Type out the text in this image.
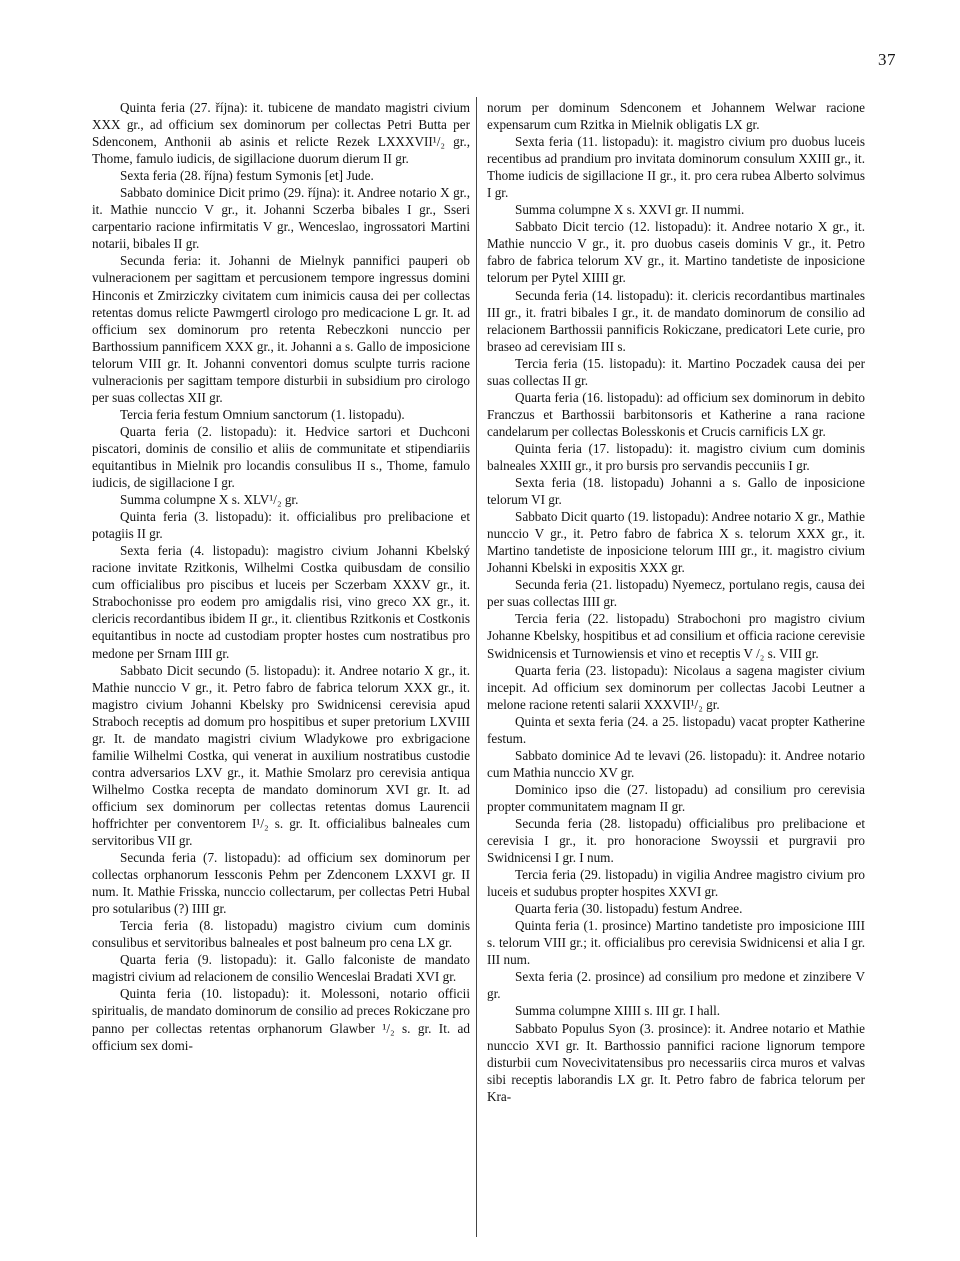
37

Quinta feria (27. října): it. tubicene de mandato magistri civium XXX gr., ad officium sex dominorum per collectas Petri Butta per Sdenconem, Anthonii ab asinis et relicte Rezek LXXXVII¹/₂ gr., Thome, famulo iudicis, de sigillacione duorum dierum II gr.

Sexta feria (28. října) festum Symonis [et] Jude.

Sabbato dominice Dicit primo (29. října): it. Andree notario X gr., it. Mathie nunccio V gr., it. Johanni Sczerba bibales I gr., Sseri carpentario racione infirmitatis V gr., Wenceslao, ingrossatori Martini notarii, bibales II gr.

Secunda feria: it. Johanni de Mielnyk pannifici pauperi ob vulneracionem per sagittam et percusionem tempore ingressus domini Hinconis et Zmirziczky civitatem cum inimicis causa dei per collectas retentas domus relicte Pawmgertl cirologo pro medicacione L gr. It. ad officium sex dominorum pro retenta Rebeczkoni nunccio per Barthossium pannificem XXX gr., it. Johanni a s. Gallo de imposicione telorum VIII gr. It. Johanni conventori domus sculpte turris racione vulneracionis per sagittam tempore disturbii in subsidium pro cirologo per suas collectas XII gr.

Tercia feria festum Omnium sanctorum (1. listopadu).

Quarta feria (2. listopadu): it. Hedvice sartori et Duchconi piscatori, dominis de consilio et aliis de communitate et stipendiariis equitantibus in Mielnik pro locandis consulibus II s., Thome, famulo iudicis, de sigillacione I gr.

Summa columpne X s. XLV¹/₂ gr.

Quinta feria (3. listopadu): it. officialibus pro prelibacione et potagiis II gr.

Sexta feria (4. listopadu): magistro civium Johanni Kbelský racione invitate Rzitkonis, Wilhelmi Costka quibusdam de consilio cum officialibus pro piscibus et luceis per Sczerbam XXXV gr., it. Strabochonisse pro eodem pro amigdalis risi, vino greco XX gr., it. clericis recordantibus ibidem II gr., it. clientibus Rzitkonis et Costkonis equitantibus in nocte ad custodiam propter hostes cum nostratibus pro medone per Srnam IIII gr.

Sabbato Dicit secundo (5. listopadu): it. Andree notario X gr., it. Mathie nunccio V gr., it. Petro fabro de fabrica telorum XXX gr., it. magistro civium Johanni Kbelsky pro Swidnicensi cerevisia apud Straboch receptis ad domum pro hospitibus et super pretorium LXVIII gr. It. de mandato magistri civium Wladykowe pro exbrigacione familie Wilhelmi Costka, qui venerat in auxilium nostratibus custodie contra adversarios LXV gr., it. Mathie Smolarz pro cerevisia antiqua Wilhelmo Costka recepta de mandato dominorum XVI gr. It. ad officium sex dominorum per collectas retentas domus Laurencii hoffrichter per conventorem I¹/₂ s. gr. It. officialibus balneales cum servitoribus VII gr.

Secunda feria (7. listopadu): ad officium sex dominorum per collectas orphanorum Iessconis Pehm per Zdenconem LXXVI gr. II num. It. Mathie Frisska, nunccio collectarum, per collectas Petri Hubal pro sotularibus (?) IIII gr.

Tercia feria (8. listopadu) magistro civium cum dominis consulibus et servitoribus balneales et post balneum pro cena LX gr.

Quarta feria (9. listopadu): it. Gallo falconiste de mandato magistri civium ad relacionem de consilio Wenceslai Bradati XVI gr.

Quinta feria (10. listopadu): it. Molessoni, notario officii spiritualis, de mandato dominorum de consilio ad preces Rokiczane pro panno per collectas retentas orphanorum Glawber ¹/₂ s. gr. It. ad officium sex domi-

norum per dominum Sdenconem et Johannem Welwar racione expensarum cum Rzitka in Mielnik obligatis LX gr.

Sexta feria (11. listopadu): it. magistro civium pro duobus luceis recentibus ad prandium pro invitata dominorum consulum XXIII gr., it. Thome iudicis de sigillacione II gr., it. pro cera rubea Alberto solvimus I gr.

Summa columpne X s. XXVI gr. II nummi.

Sabbato Dicit tercio (12. listopadu): it. Andree notario X gr., it. Mathie nunccio V gr., it. pro duobus caseis dominis V gr., it. Petro fabro de fabrica telorum XV gr., it. Martino tandetiste de inposicione telorum per Pytel XIIII gr.

Secunda feria (14. listopadu): it. clericis recordantibus martinales III gr., it. fratri bibales I gr., it. de mandato dominorum de consilio ad relacionem Barthossii pannificis Rokiczane, predicatori Lete curie, pro braseo ad cerevisiam III s.

Tercia feria (15. listopadu): it. Martino Poczadek causa dei per suas collectas II gr.

Quarta feria (16. listopadu): ad officium sex dominorum in debito Franczus et Barthossii barbitonsoris et Katherine a rana racione candelarum per collectas Bolesskonis et Crucis carnificis LX gr.

Quinta feria (17. listopadu): it. magistro civium cum dominis balneales XXIII gr., it pro bursis pro servandis peccuniis I gr.

Sexta feria (18. listopadu) Johanni a s. Gallo de inposicione telorum VI gr.

Sabbato Dicit quarto (19. listopadu): Andree notario X gr., Mathie nunccio V gr., it. Petro fabro de fabrica X s. telorum XXX gr., it. Martino tandetiste de inposicione telorum IIII gr., it. magistro civium Johanni Kbelski in expositis XXX gr.

Secunda feria (21. listopadu) Nyemecz, portulano regis, causa dei per suas collectas IIII gr.

Tercia feria (22. listopadu) Strabochoni pro magistro civium Johanne Kbelsky, hospitibus et ad consilium et officia racione cerevisie Swidnicensis et Turnowiensis et vino et receptis V /₂ s. VIII gr.

Quarta feria (23. listopadu): Nicolaus a sagena magister civium incepit. Ad officium sex dominorum per collectas Jacobi Leutner a melone racione retenti salarii XXXVII¹/₂ gr.

Quinta et sexta feria (24. a 25. listopadu) vacat propter Katherine festum.

Sabbato dominice Ad te levavi (26. listopadu): it. Andree notario cum Mathia nunccio XV gr.

Dominico ipso die (27. listopadu) ad consilium pro cerevisia propter communitatem magnam II gr.

Secunda feria (28. listopadu) officialibus pro prelibacione et cerevisia I gr., it. pro honoracione Swoyssii et purgravii pro Swidnicensi I gr. I num.

Tercia feria (29. listopadu) in vigilia Andree magistro civium pro luceis et sudubus propter hospites XXVI gr.

Quarta feria (30. listopadu) festum Andree.

Quinta feria (1. prosince) Martino tandetiste pro imposicione IIII s. telorum VIII gr.; it. officialibus pro cerevisia Swidnicensi et alia I gr. III num.

Sexta feria (2. prosince) ad consilium pro medone et zinzibere V gr.

Summa columpne XIIII s. III gr. I hall.

Sabbato Populus Syon (3. prosince): it. Andree notario et Mathie nunccio XVI gr. It. Barthossio pannifici racione lignorum tempore disturbii cum Novecivitatensibus pro necessariis circa muros et valvas sibi receptis laborandis LX gr. It. Petro fabro de fabrica telorum per Kra-
